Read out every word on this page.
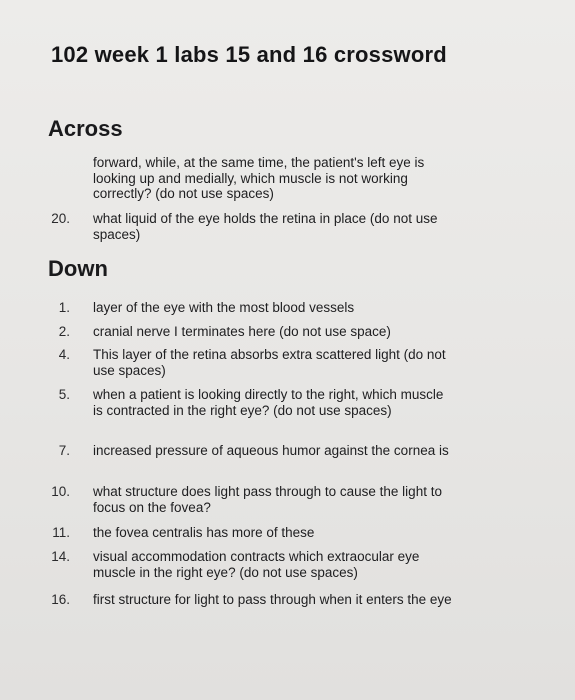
102 week 1 labs 15 and 16 crossword
Across
forward, while, at the same time, the patient's left eye is looking up and medially, which muscle is not working correctly? (do not use spaces)
20. what liquid of the eye holds the retina in place (do not use spaces)
Down
1. layer of the eye with the most blood vessels
2. cranial nerve I terminates here (do not use space)
4. This layer of the retina absorbs extra scattered light (do not use spaces)
5. when a patient is looking directly to the right, which muscle is contracted in the right eye? (do not use spaces)
7. increased pressure of aqueous humor against the cornea is
10. what structure does light pass through to cause the light to focus on the fovea?
11. the fovea centralis has more of these
14. visual accommodation contracts which extraocular eye muscle in the right eye? (do not use spaces)
16. first structure for light to pass through when it enters the eye
